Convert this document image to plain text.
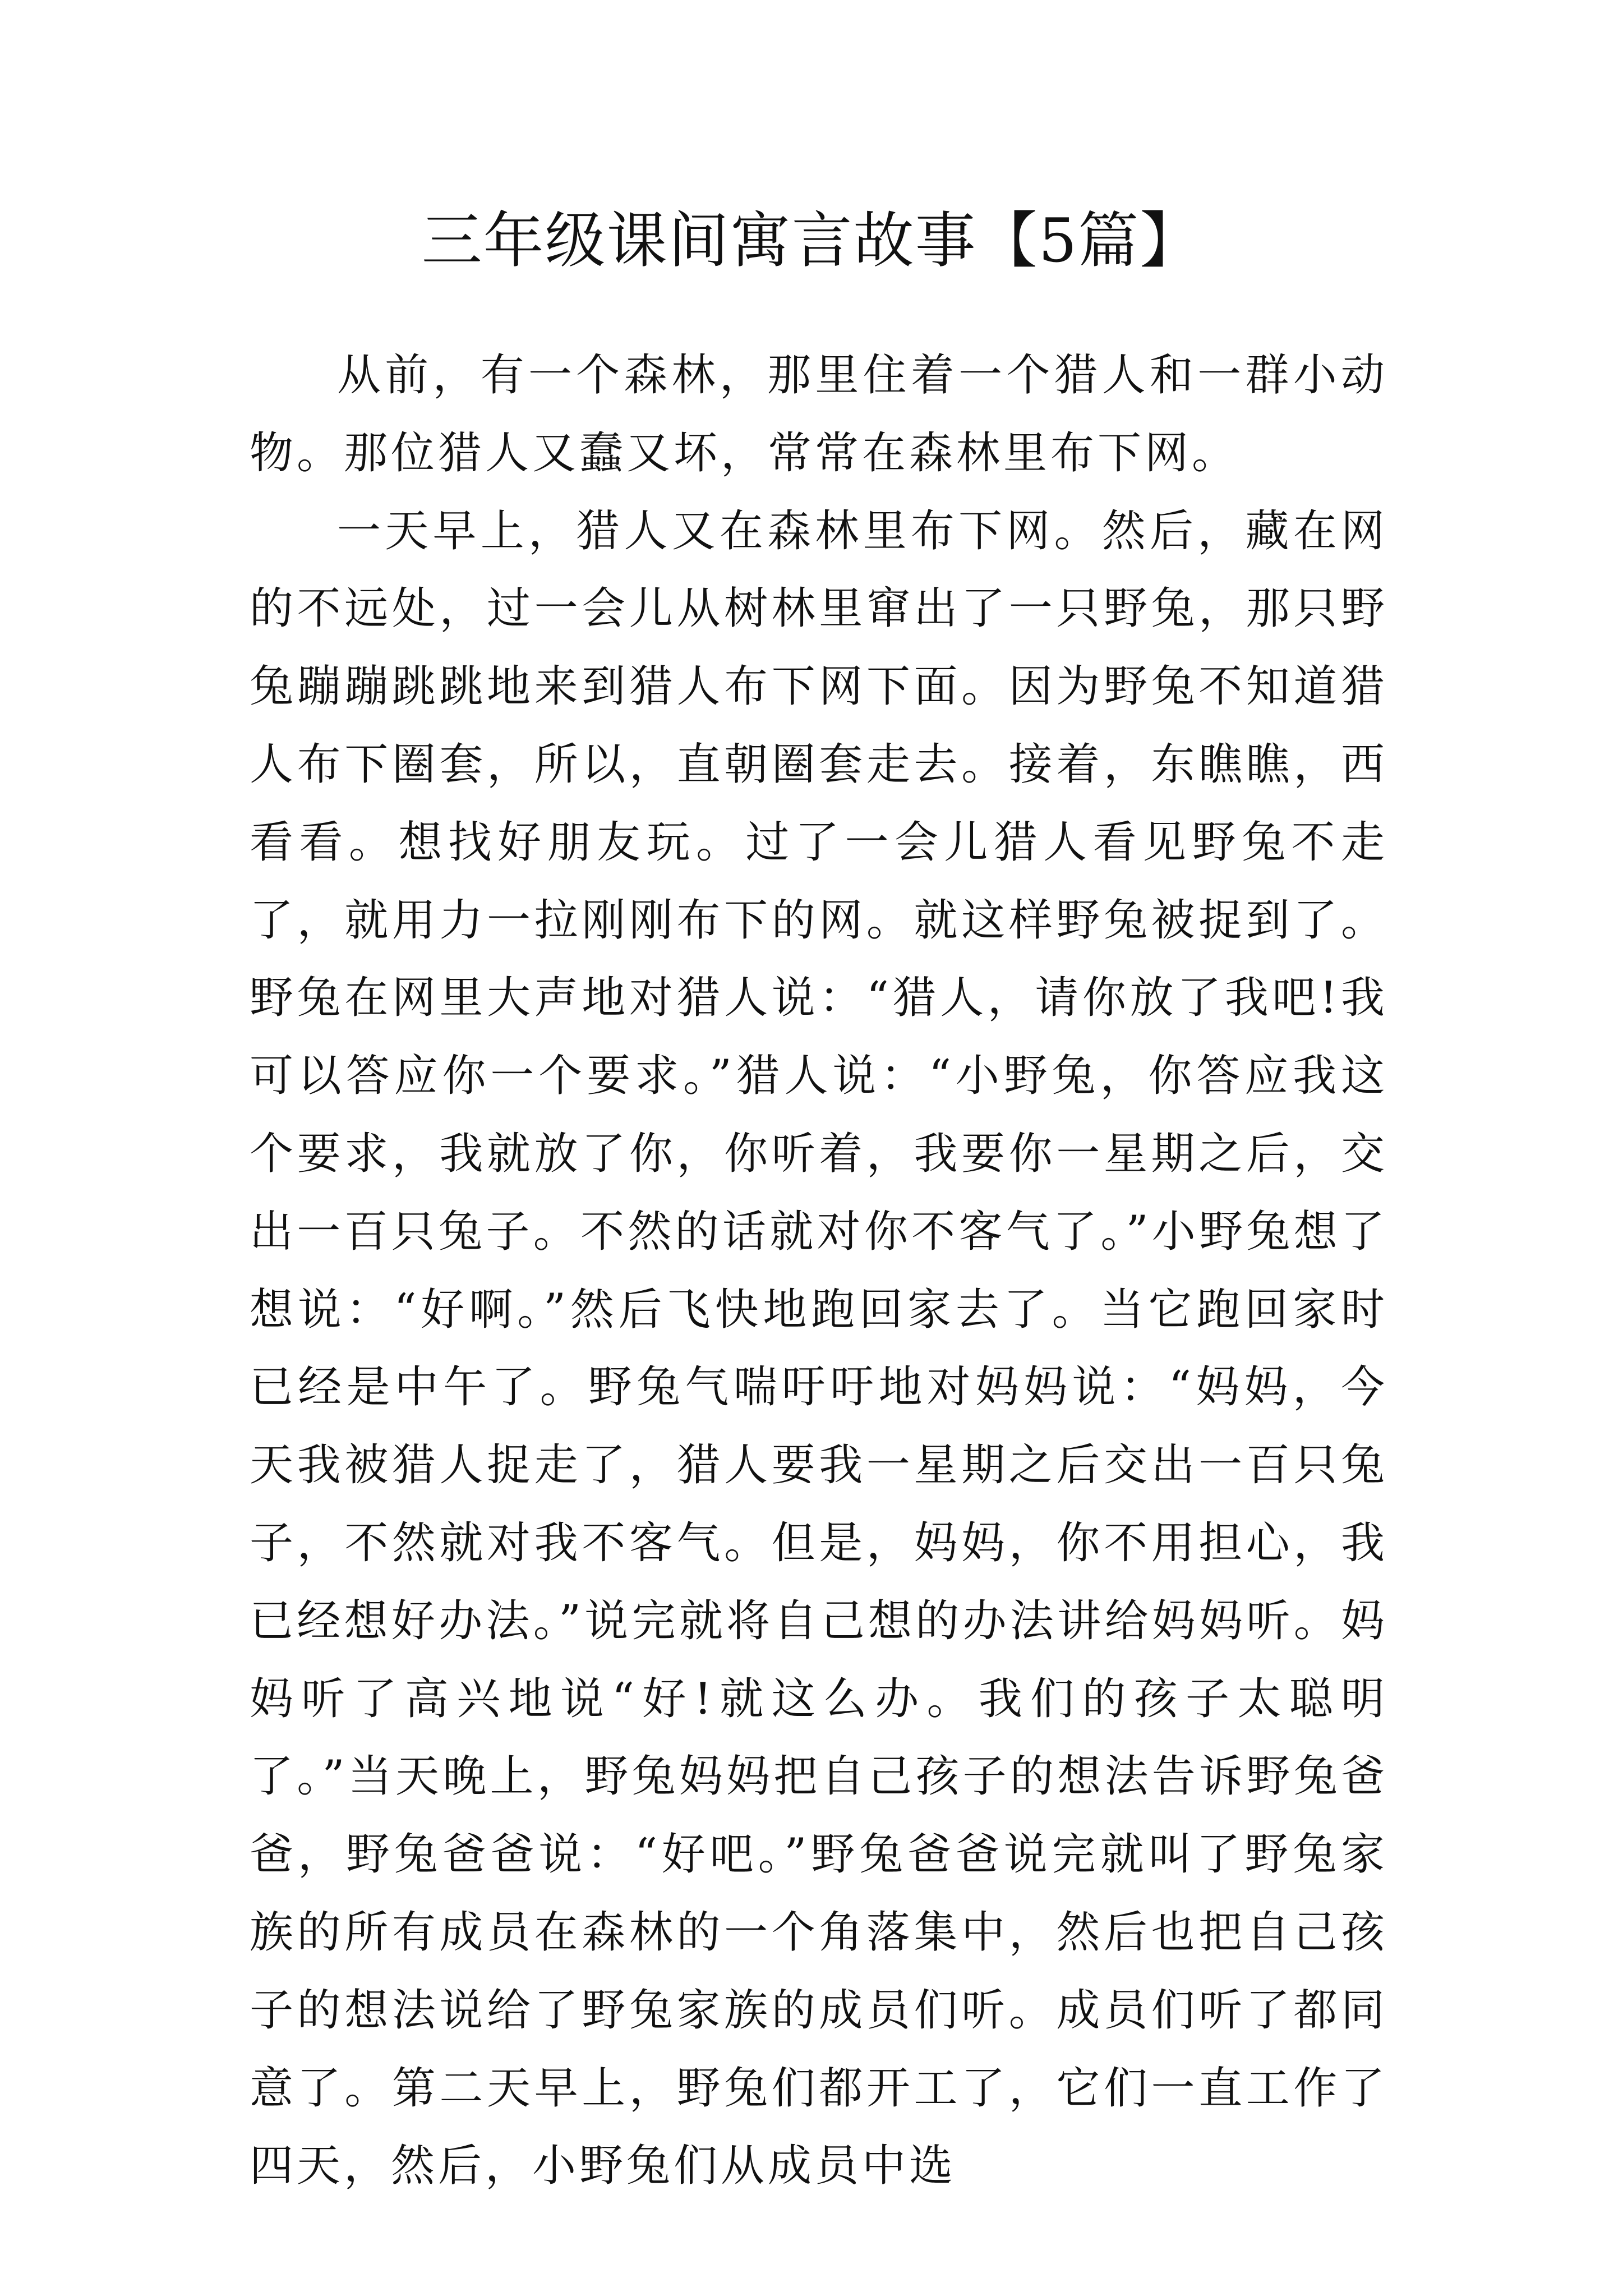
三年级课间寓言故事【5篇】

从前，有一个森林，那里住着一个猎人和一群小动物。那位猎人又蠢又坏，常常在森林里布下网。

一天早上，猎人又在森林里布下网。然后，藏在网的不远处，过一会儿从树林里窜出了一只野兔，那只野兔蹦蹦跳跳地来到猎人布下网下面。因为野兔不知道猎人布下圈套，所以，直朝圈套走去。接着，东瞧瞧，西看看。想找好朋友玩。过了一会儿猎人看见野兔不走了，就用力一拉刚刚布下的网。就这样野兔被捉到了。野兔在网里大声地对猎人说：“猎人，请你放了我吧!我可以答应你一个要求。”猎人说：“小野兔，你答应我这个要求，我就放了你，你听着，我要你一星期之后，交出一百只兔子。不然的话就对你不客气了。”小野兔想了想说：“好啊。”然后飞快地跑回家去了。当它跑回家时已经是中午了。野兔气喘吁吁地对妈妈说：“妈妈，今天我被猎人捉走了，猎人要我一星期之后交出一百只兔子，不然就对我不客气。但是，妈妈，你不用担心，我已经想好办法。”说完就将自己想的办法讲给妈妈听。妈妈听了高兴地说“好!就这么办。我们的孩子太聪明了。”当天晚上，野兔妈妈把自己孩子的想法告诉野兔爸爸，野兔爸爸说：“好吧。”野兔爸爸说完就叫了野兔家族的所有成员在森林的一个角落集中，然后也把自己孩子的想法说给了野兔家族的成员们听。成员们听了都同意了。第二天早上，野兔们都开工了，它们一直工作了四天，然后，小野兔们从成员中选
